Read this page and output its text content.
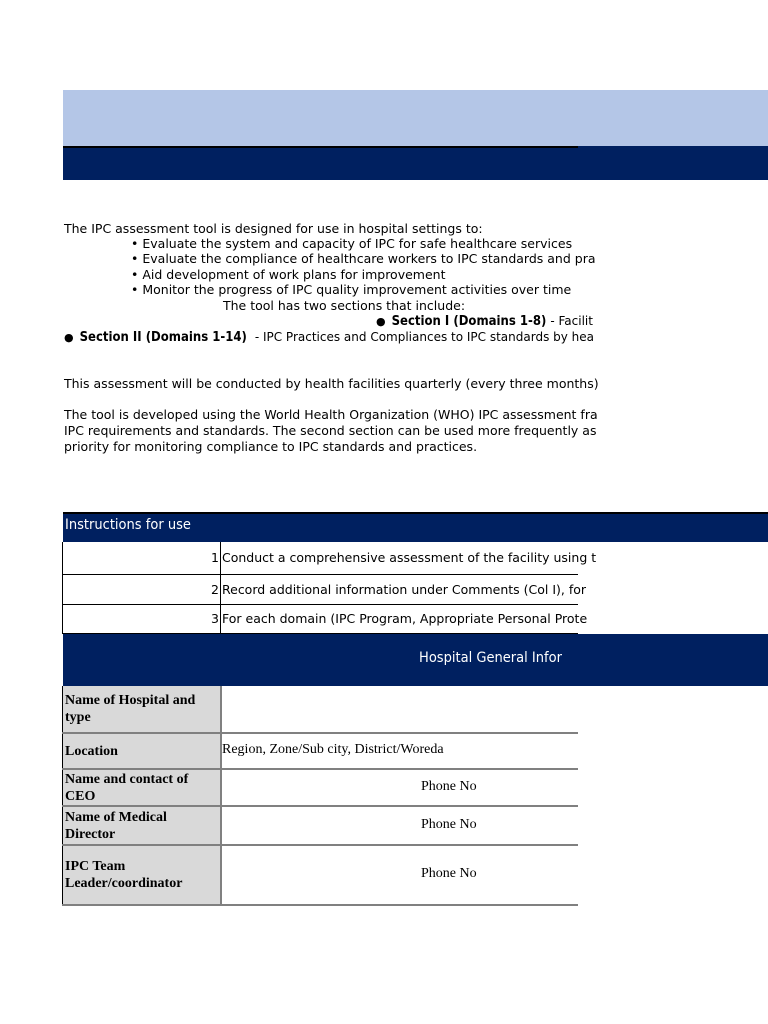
Instructions for use
Hospital General Infor
The IPC assessment tool is designed for use in hospital settings to:
• Evaluate the system and capacity of IPC for safe healthcare services
• Evaluate the compliance of healthcare workers to IPC standards and pra
• Aid development of work plans for improvement
• Monitor the progress of IPC quality improvement activities over time
The tool has two sections that include:
● Section I (Domains 1-8) - Facilit
● Section II (Domains 1-14) - IPC Practices and Compliances to IPC standards by hea
This assessment will be conducted by health facilities quarterly (every three months)
The tool is developed using the World Health Organization (WHO) IPC assessment fra
IPC requirements and standards. The second section can be used more frequently as
priority for monitoring compliance to IPC standards and practices.
1 Conduct a comprehensive assessment of the facility using t
2 Record additional information under Comments (Col I), for
3 For each domain (IPC Program, Appropriate Personal Prote
Name of Hospital and type
Location
Name and contact of CEO
Name of Medical Director
IPC Team Leader/coordinator
Region, Zone/Sub city, District/Woreda
Phone No
Phone No
Phone No
